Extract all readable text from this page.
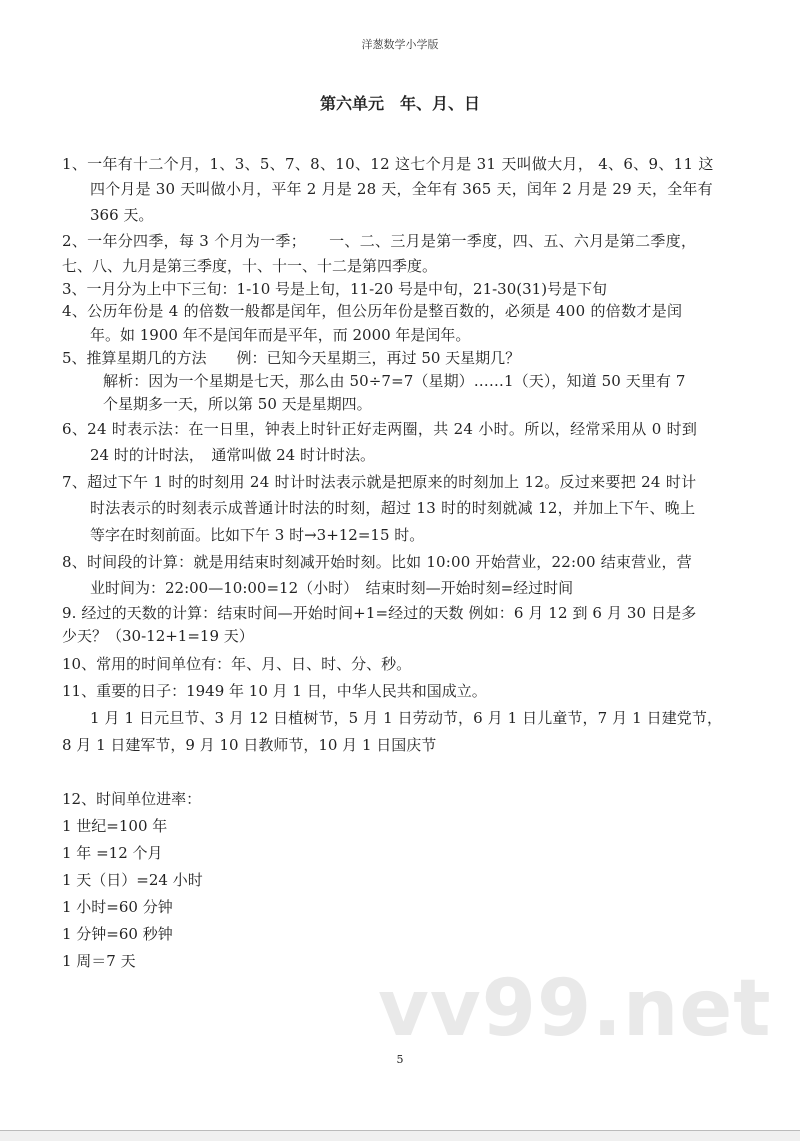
洋葱数学小学版
第六单元　年、月、日
1、一年有十二个月，1、3、5、7、8、10、12 这七个月是 31 天叫做大月， 4、6、9、11 这
四个月是 30 天叫做小月，平年 2 月是 28 天，全年有 365 天，闰年 2 月是 29 天，全年有
366 天。
2、一年分四季，每 3 个月为一季；　　一、二、三月是第一季度，四、五、六月是第二季度，
七、八、九月是第三季度，十、十一、十二是第四季度。
3、一月分为上中下三旬：1-10 号是上旬，11-20 号是中旬，21-30(31)号是下旬
4、公历年份是 4 的倍数一般都是闰年，但公历年份是整百数的，必须是 400 的倍数才是闰
年。如 1900 年不是闰年而是平年，而 2000 年是闰年。
5、推算星期几的方法　　例：已知今天星期三，再过 50 天星期几？
解析：因为一个星期是七天，那么由 50÷7=7（星期）……1（天），知道 50 天里有 7
个星期多一天，所以第 50 天是星期四。
6、24 时表示法：在一日里，钟表上时针正好走两圈，共 24 小时。所以，经常采用从 0 时到
24 时的计时法，　通常叫做 24 时计时法。
7、超过下午 1 时的时刻用 24 时计时法表示就是把原来的时刻加上 12。反过来要把 24 时计
时法表示的时刻表示成普通计时法的时刻，超过 13 时的时刻就减 12，并加上下午、晚上
等字在时刻前面。比如下午 3 时→3+12=15 时。
8、时间段的计算：就是用结束时刻减开始时刻。比如 10:00 开始营业，22:00 结束营业，营
业时间为：22:00—10:00=12（小时）　结束时刻—开始时刻=经过时间
9. 经过的天数的计算：结束时间—开始时间+1=经过的天数 例如：6 月 12 到 6 月 30 日是多
少天？（30-12+1=19 天）
10、常用的时间单位有：年、月、日、时、分、秒。
11、重要的日子：1949 年 10 月 1 日，中华人民共和国成立。
1 月 1 日元旦节、3 月 12 日植树节，5 月 1 日劳动节，6 月 1 日儿童节，7 月 1 日建党节，
8 月 1 日建军节，9 月 10 日教师节，10 月 1 日国庆节
12、时间单位进率：
1 世纪=100 年
1 年 =12 个月
1 天（日）=24 小时
1 小时=60 分钟
1 分钟=60 秒钟
1 周＝7 天
vv99.net
5
